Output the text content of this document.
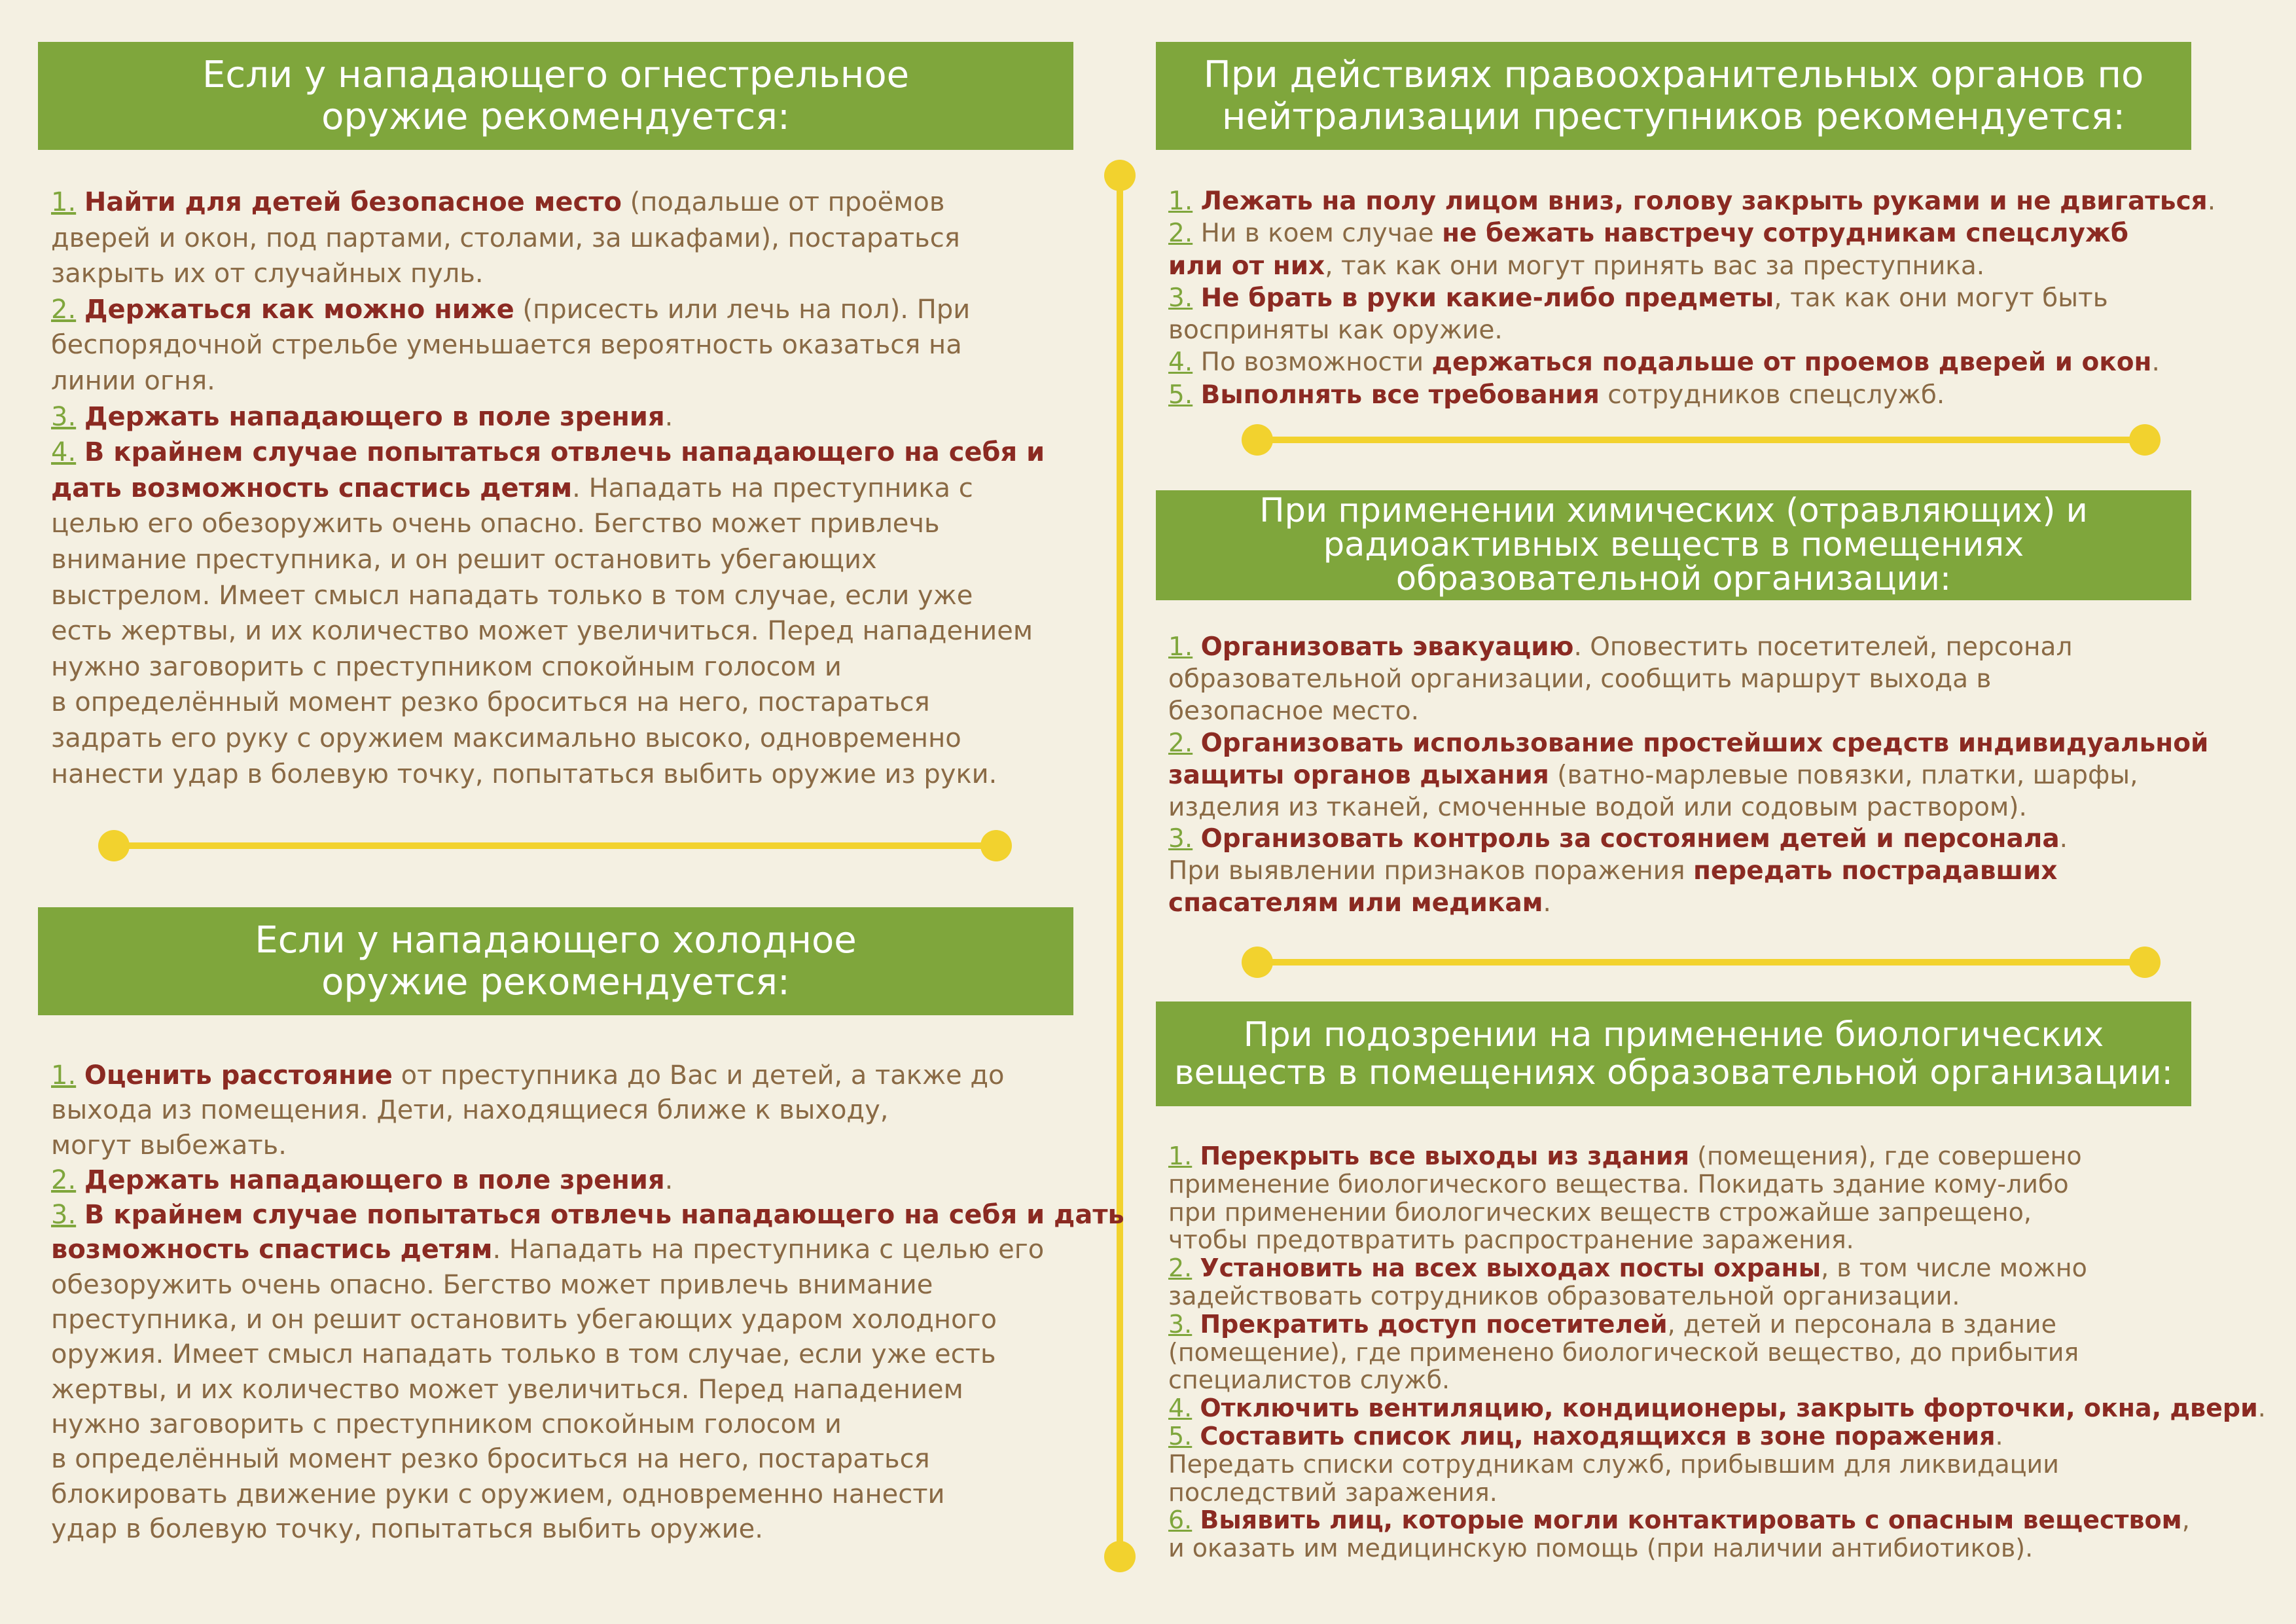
Если у нападающего огнестрельное
оружие рекомендуется:
1. Найти для детей безопасное место (подальше от проёмов
дверей и окон, под партами, столами, за шкафами), постараться
закрыть их от случайных пуль.
2. Держаться как можно ниже (присесть или лечь на пол). При
беспорядочной стрельбе уменьшается вероятность оказаться на
линии огня.
3. Держать нападающего в поле зрения.
4. В крайнем случае попытаться отвлечь нападающего на себя и
дать возможность спастись детям. Нападать на преступника с
целью его обезоружить очень опасно. Бегство может привлечь
внимание преступника, и он решит остановить убегающих
выстрелом. Имеет смысл нападать только в том случае, если уже
есть жертвы, и их количество может увеличиться. Перед нападением
нужно заговорить с преступником спокойным голосом и
в определённый момент резко броситься на него, постараться
задрать его руку с оружием максимально высоко, одновременно
нанести удар в болевую точку, попытаться выбить оружие из руки.
Если у нападающего холодное
оружие рекомендуется:
1. Оценить расстояние от преступника до Вас и детей, а также до
выхода из помещения. Дети, находящиеся ближе к выходу,
могут выбежать.
2. Держать нападающего в поле зрения.
3. В крайнем случае попытаться отвлечь нападающего на себя и дать
возможность спастись детям. Нападать на преступника с целью его
обезоружить очень опасно. Бегство может привлечь внимание
преступника, и он решит остановить убегающих ударом холодного
оружия. Имеет смысл нападать только в том случае, если уже есть
жертвы, и их количество может увеличиться. Перед нападением
нужно заговорить с преступником спокойным голосом и
в определённый момент резко броситься на него, постараться
блокировать движение руки с оружием, одновременно нанести
удар в болевую точку, попытаться выбить оружие.
При действиях правоохранительных органов по
нейтрализации преступников рекомендуется:
1. Лежать на полу лицом вниз, голову закрыть руками и не двигаться.
2. Ни в коем случае не бежать навстречу сотрудникам спецслужб
или от них, так как они могут принять вас за преступника.
3. Не брать в руки какие-либо предметы, так как они могут быть
восприняты как оружие.
4. По возможности держаться подальше от проемов дверей и окон.
5. Выполнять все требования сотрудников спецслужб.
При применении химических (отравляющих) и
радиоактивных веществ в помещениях
образовательной организации:
1. Организовать эвакуацию. Оповестить посетителей, персонал
образовательной организации, сообщить маршрут выхода в
безопасное место.
2. Организовать использование простейших средств индивидуальной
защиты органов дыхания (ватно-марлевые повязки, платки, шарфы,
изделия из тканей, смоченные водой или содовым раствором).
3. Организовать контроль за состоянием детей и персонала.
При выявлении признаков поражения передать пострадавших
спасателям или медикам.
При подозрении на применение биологических
веществ в помещениях образовательной организации:
1. Перекрыть все выходы из здания (помещения), где совершено
применение биологического вещества. Покидать здание кому-либо
при применении биологических веществ строжайше запрещено,
чтобы предотвратить распространение заражения.
2. Установить на всех выходах посты охраны, в том числе можно
задействовать сотрудников образовательной организации.
3. Прекратить доступ посетителей, детей и персонала в здание
(помещение), где применено биологической вещество, до прибытия
специалистов служб.
4. Отключить вентиляцию, кондиционеры, закрыть форточки, окна, двери.
5. Составить список лиц, находящихся в зоне поражения.
Передать списки сотрудникам служб, прибывшим для ликвидации
последствий заражения.
6. Выявить лиц, которые могли контактировать с опасным веществом,
и оказать им медицинскую помощь (при наличии антибиотиков).
